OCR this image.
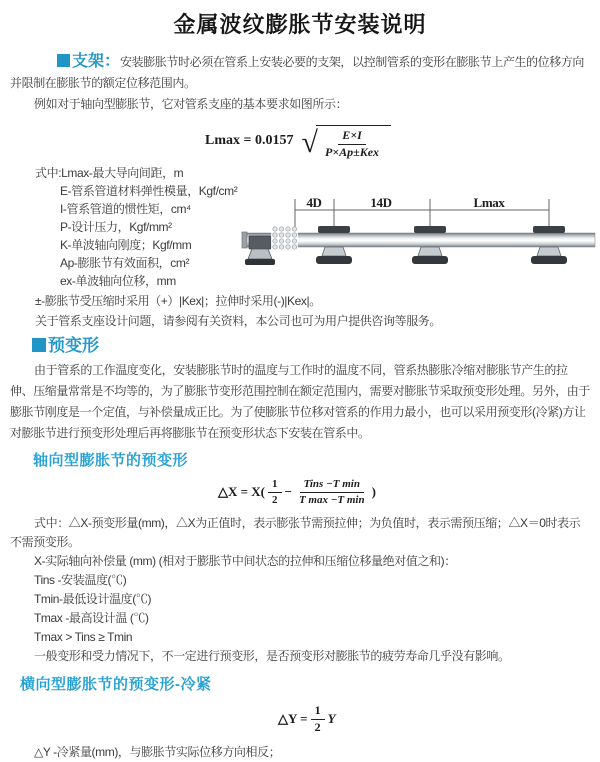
金属波纹膨胀节安装说明

支架：安装膨胀节时必须在管系上安装必要的支架，以控制管系的变形在膨胀节上产生的位移方向并限制在膨胀节的额定位移范围内。

例如对于轴向型膨胀节，它对管系支座的基本要求如图所示：

Lmax = 0.0157 √ $\frac{E\times I}{\text{P×Ap±Kex}}$
式中:Lmax-最大导向间距，m
E-管系管道材料弹性模量，Kgf/cm²
I-管系管道的惯性矩，cm⁴
P-设计压力，Kgf/mm²
K-单波轴向刚度；Kgf/mm
Ap-膨胀节有效面积，cm²
ex-单波轴向位移，mm
±-膨胀节受压缩时采用（+）|Kex|；拉伸时采用(-)|Kex|。
关于管系支座设计问题，请参阅有关资料，本公司也可为用户提供咨询等服务。
4D	14D	Lmax
预变形

由于管系的工作温度变化，安装膨胀节时的温度与工作时的温度不同，管系热膨胀冷缩对膨胀节产生的拉伸、压缩量常常是不均等的，为了膨胀节变形范围控制在额定范围内，需要对膨胀节采取预变形处理。另外，由于膨胀节刚度是一个定值，与补偿量成正比。为了使膨胀节位移对管系的作用力最小，也可以采用预变形(冷紧)方让对膨胀节进行预变形处理后再将膨胀节在预变形状态下安装在管系中。

轴向型膨胀节的预变形
△X = $X( \frac{1}{2} - \frac{\text{Tins −T min}}{\text{T max −T min}}$ )

式中：△X-预变形量(mm)，△X为正值时，表示膨张节需预拉伸；为负值时，表示需预压缩；△X＝0时表示不需预变形。

X-实际轴向补偿量 (mm) (相对于膨胀节中间状态的拉伸和压缩位移量绝对值之和)：

Tins -安装温度(℃)

Tmin-最低设计温度(℃)

Tmax -最高设计温 (℃)

Tmax > Tins ≥ Tmin

一般变形和受力情况下，不一定进行预变形，是否预变形对膨胀节的疲劳寿命几乎没有影响。

横向型膨胀节的预变形-冷紧
△Y = $\frac{1}{2}$ Y

△Y -冷紧量(mm)，与膨胀节实际位移方向相反；
